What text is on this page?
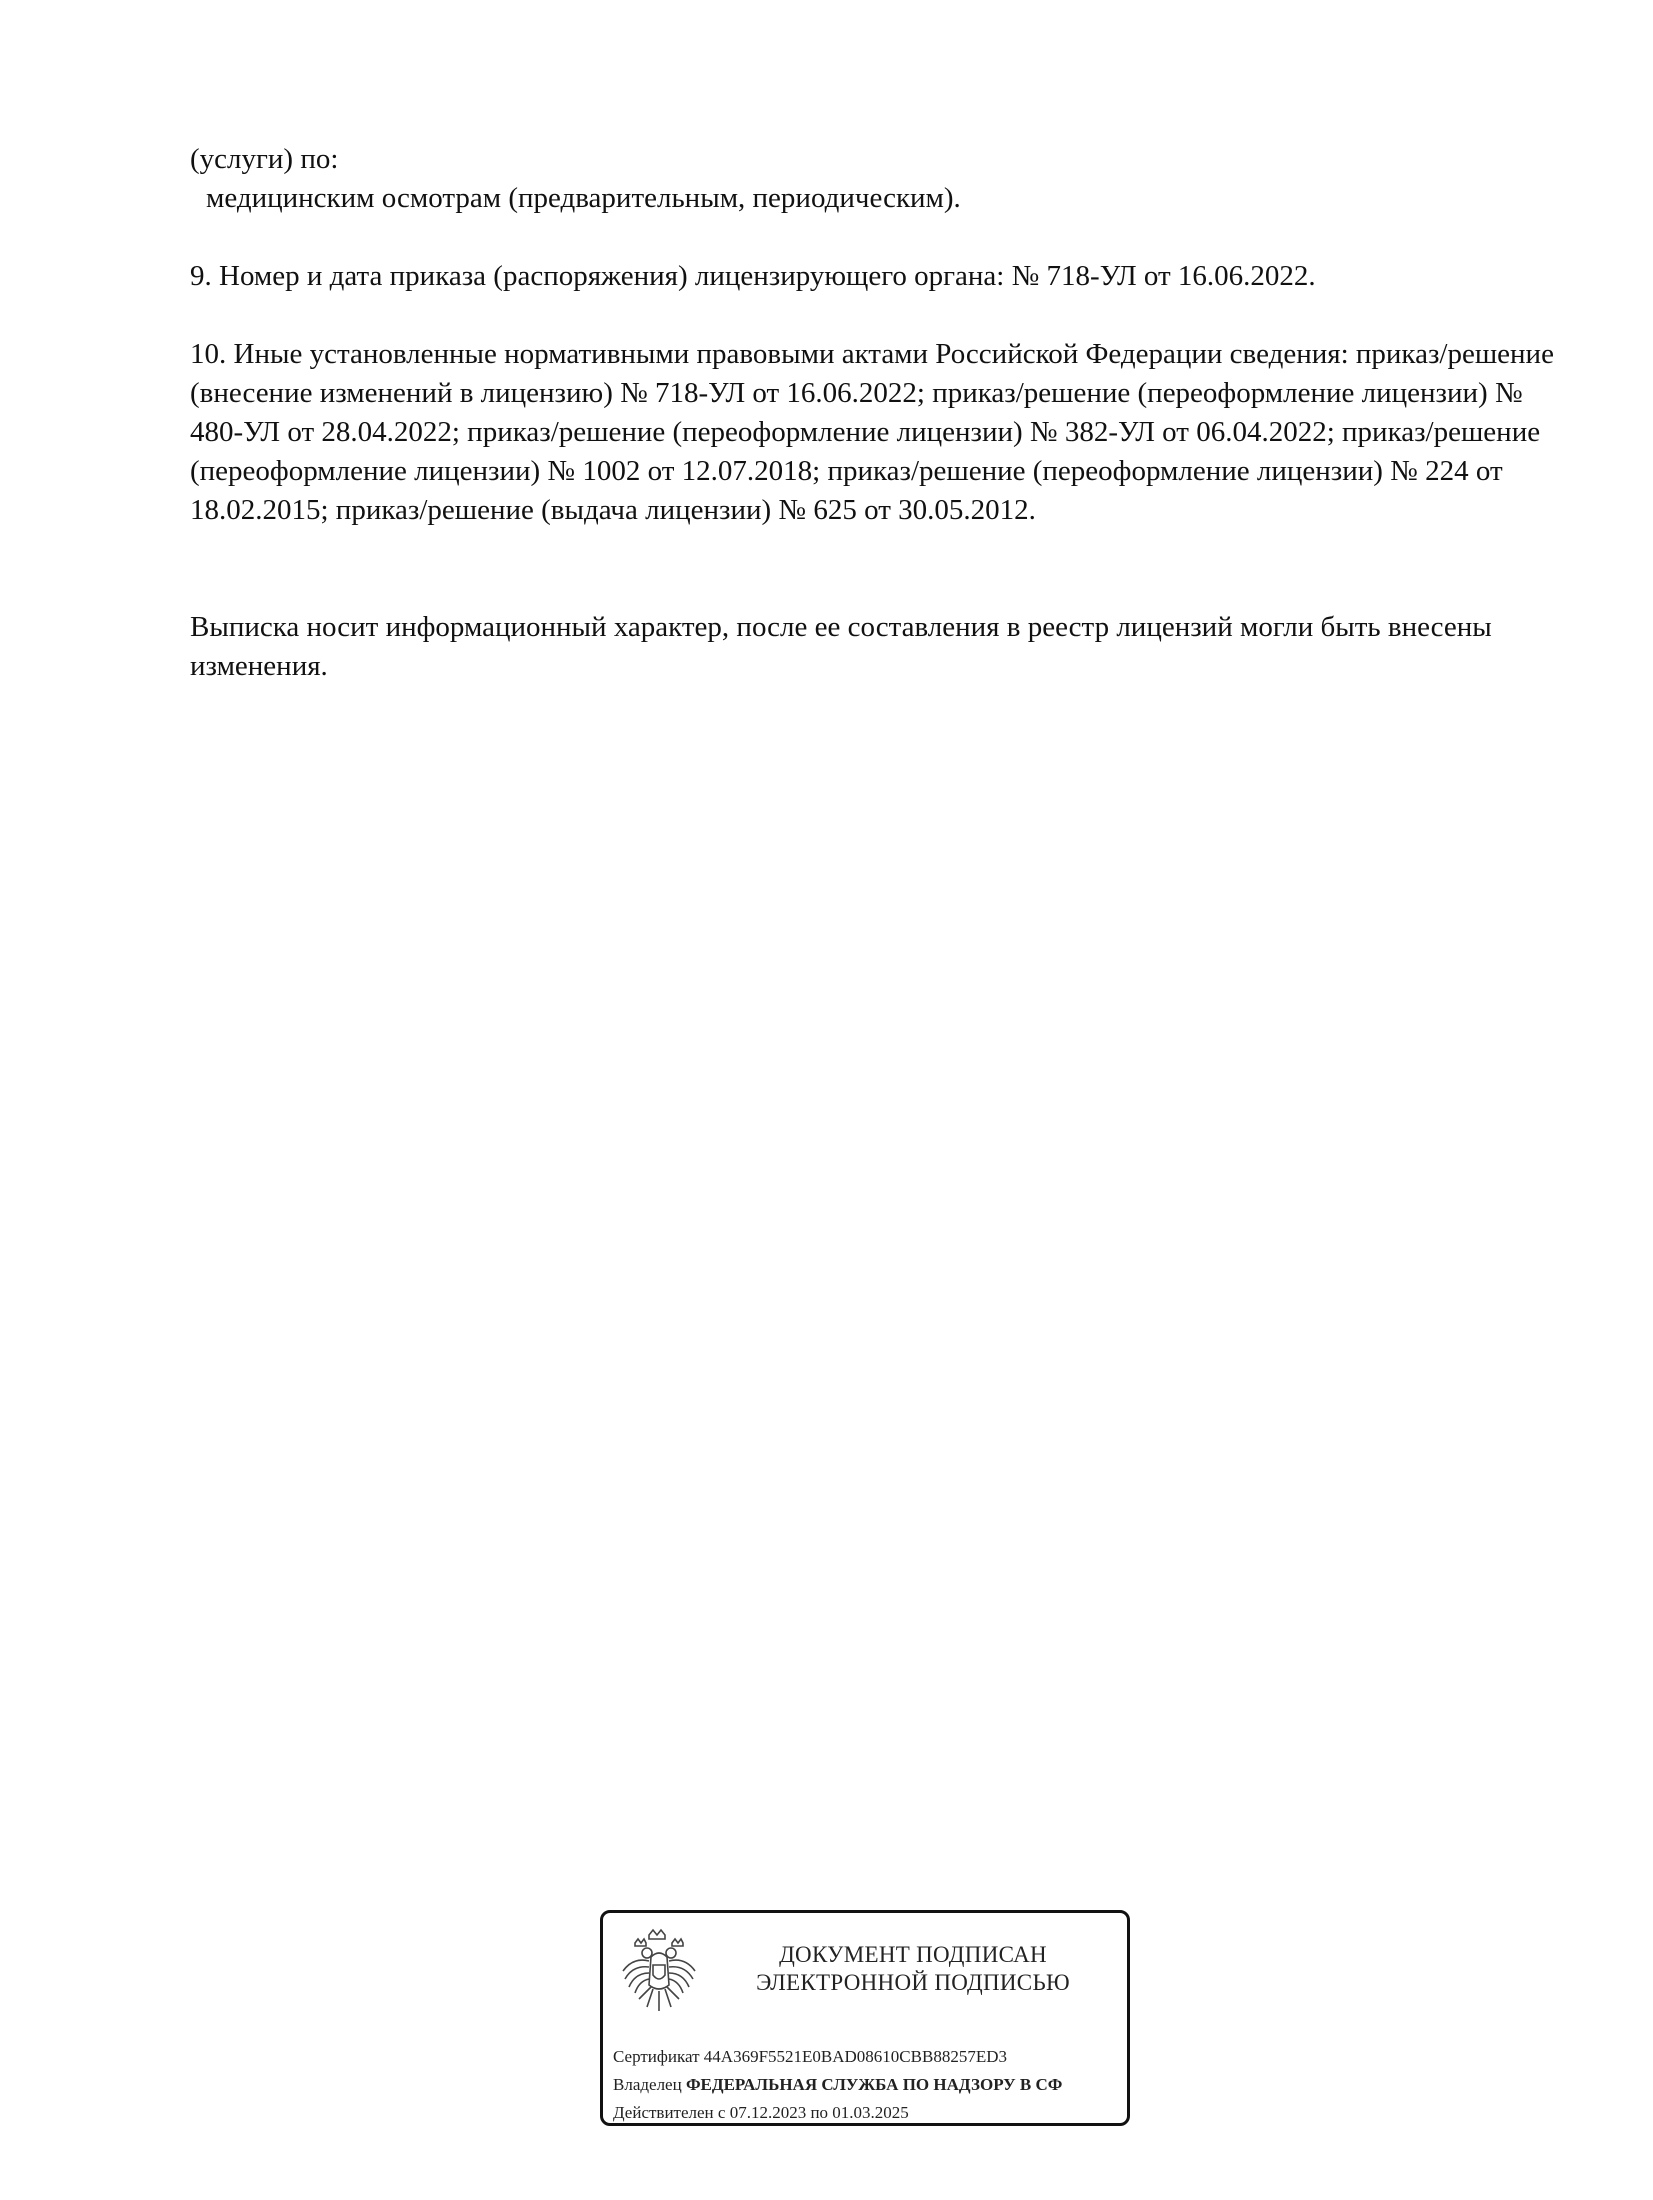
(услуги) по:

медицинским осмотрам (предварительным, периодическим).

9. Номер и дата приказа (распоряжения) лицензирующего органа: № 718-УЛ от 16.06.2022.

10. Иные установленные нормативными правовыми актами Российской Федерации сведения: приказ/решение (внесение изменений в лицензию) № 718-УЛ от 16.06.2022; приказ/решение (переоформление лицензии) № 480-УЛ от 28.04.2022; приказ/решение (переоформление лицензии) № 382-УЛ от 06.04.2022; приказ/решение (переоформление лицензии) № 1002 от 12.07.2018; приказ/решение (переоформление лицензии) № 224 от 18.02.2015; приказ/решение (выдача лицензии) № 625 от 30.05.2012.

Выписка носит информационный характер, после ее составления в реестр лицензий могли быть внесены изменения.

ДОКУМЕНТ ПОДПИСАН
ЭЛЕКТРОННОЙ ПОДПИСЬЮ
Сертификат 44A369F5521E0BAD08610CBB88257ED3
Владелец ФЕДЕРАЛЬНАЯ СЛУЖБА ПО НАДЗОРУ В СФ
Действителен с 07.12.2023 по 01.03.2025
